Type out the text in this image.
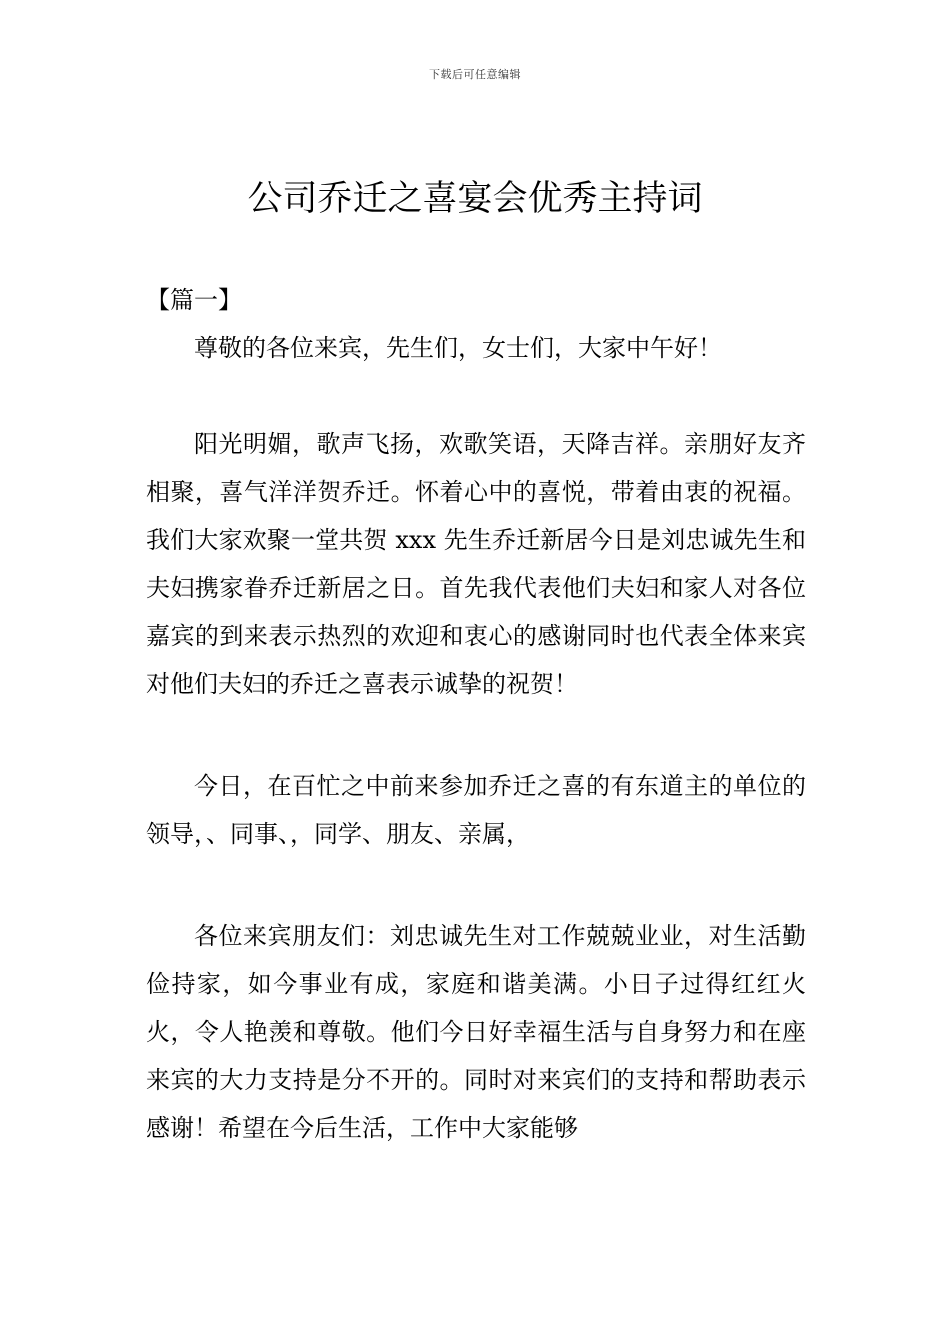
下载后可任意编辑
公司乔迁之喜宴会优秀主持词

【篇一】

尊敬的各位来宾，先生们，女士们，大家中午好！

阳光明媚，歌声飞扬，欢歌笑语，天降吉祥。亲朋好友齐相聚，喜气洋洋贺乔迁。怀着心中的喜悦，带着由衷的祝福。我们大家欢聚一堂共贺 xxx 先生乔迁新居今日是刘忠诚先生和夫妇携家眷乔迁新居之日。首先我代表他们夫妇和家人对各位嘉宾的到来表示热烈的欢迎和衷心的感谢同时也代表全体来宾对他们夫妇的乔迁之喜表示诚挚的祝贺！

今日，在百忙之中前来参加乔迁之喜的有东道主的单位的领导，、同事、，同学、朋友、亲属，

各位来宾朋友们：刘忠诚先生对工作兢兢业业，对生活勤俭持家，如今事业有成，家庭和谐美满。小日子过得红红火火，令人艳羡和尊敬。他们今日好幸福生活与自身努力和在座来宾的大力支持是分不开的。同时对来宾们的支持和帮助表示感谢！希望在今后生活，工作中大家能够
